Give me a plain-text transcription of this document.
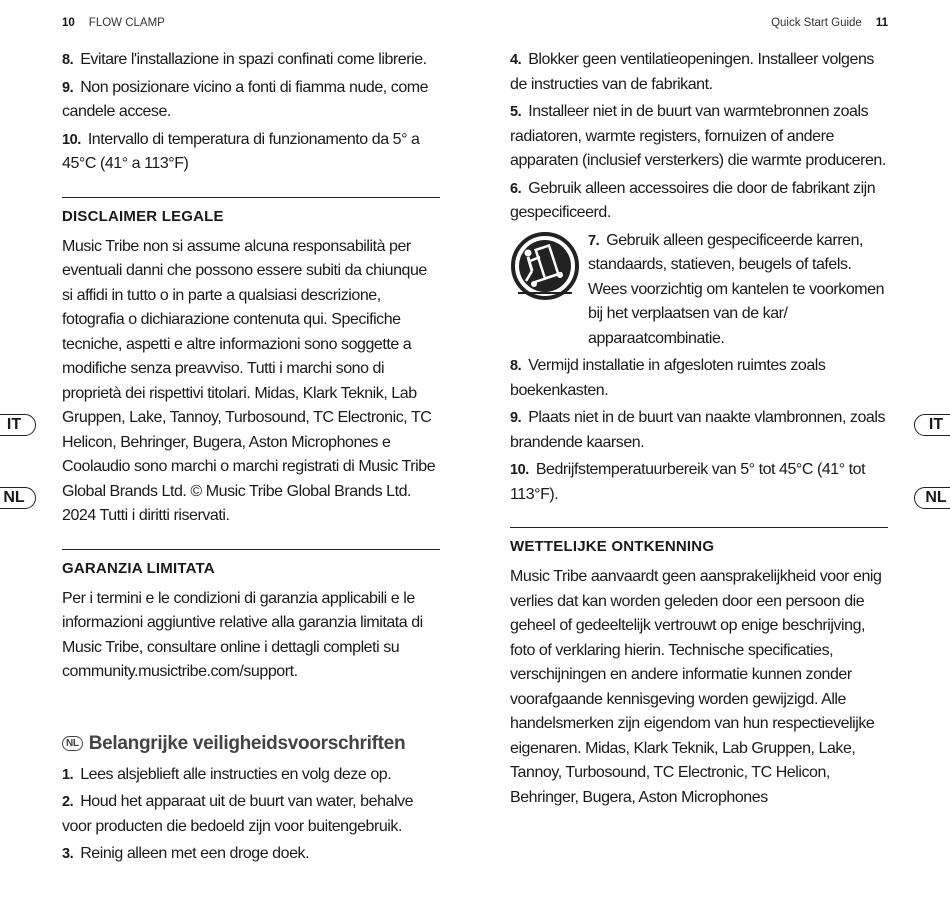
10 FLOW CLAMP	Quick Start Guide 11
IT
NL
IT
NL

8. Evitare l'installazione in spazi confinati come librerie.

9. Non posizionare vicino a fonti di fiamma nude, come candele accese.

10. Intervallo di temperatura di funzionamento da 5° a 45°C (41° a 113°F)

DISCLAIMER LEGALE

Music Tribe non si assume alcuna responsabilità per eventuali danni che possono essere subiti da chiunque si affidi in tutto o in parte a qualsiasi descrizione, fotografia o dichiarazione contenuta qui. Specifiche tecniche, aspetti e altre informazioni sono soggette a modifiche senza preavviso. Tutti i marchi sono di proprietà dei rispettivi titolari. Midas, Klark Teknik, Lab Gruppen, Lake, Tannoy, Turbosound, TC Electronic, TC Helicon, Behringer, Bugera, Aston Microphones e Coolaudio sono marchi o marchi registrati di Music Tribe Global Brands Ltd. © Music Tribe Global Brands Ltd. 2024 Tutti i diritti riservati.

GARANZIA LIMITATA

Per i termini e le condizioni di garanzia applicabili e le informazioni aggiuntive relative alla garanzia limitata di Music Tribe, consultare online i dettagli completi su community.musictribe.com/support.

NL Belangrijke veiligheidsvoorschriften

1. Lees alsjeblieft alle instructies en volg deze op.

2. Houd het apparaat uit de buurt van water, behalve voor producten die bedoeld zijn voor buitengebruik.

3. Reinig alleen met een droge doek.

4. Blokker geen ventilatieopeningen. Installeer volgens de instructies van de fabrikant.

5. Installeer niet in de buurt van warmtebronnen zoals radiatoren, warmte registers, fornuizen of andere apparaten (inclusief versterkers) die warmte produceren.

6. Gebruik alleen accessoires die door de fabrikant zijn gespecificeerd.

7. Gebruik alleen gespecificeerde karren, standaards, statieven, beugels of tafels. Wees voorzichtig om kantelen te voorkomen bij het verplaatsen van de kar/ apparaatcombinatie.

8. Vermijd installatie in afgesloten ruimtes zoals boekenkasten.

9. Plaats niet in de buurt van naakte vlambronnen, zoals brandende kaarsen.

10. Bedrijfstemperatuurbereik van 5° tot 45°C (41° tot 113°F).

WETTELIJKE ONTKENNING

Music Tribe aanvaardt geen aansprakelijkheid voor enig verlies dat kan worden geleden door een persoon die geheel of gedeeltelijk vertrouwt op enige beschrijving, foto of verklaring hierin. Technische specificaties, verschijningen en andere informatie kunnen zonder voorafgaande kennisgeving worden gewijzigd. Alle handelsmerken zijn eigendom van hun respectievelijke eigenaren. Midas, Klark Teknik, Lab Gruppen, Lake, Tannoy, Turbosound, TC Electronic, TC Helicon, Behringer, Bugera, Aston Microphones
